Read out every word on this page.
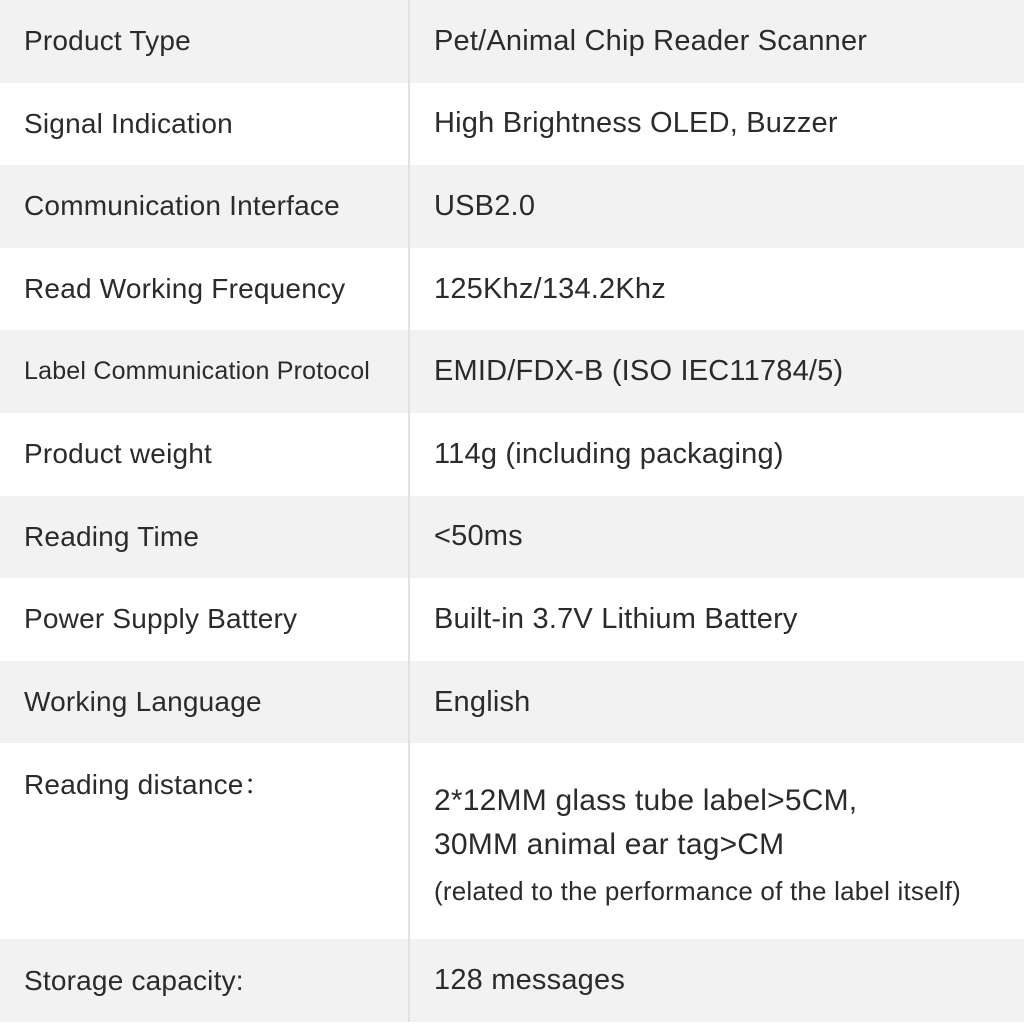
Product Type	Pet/Animal Chip Reader Scanner
Signal Indication	High Brightness OLED, Buzzer
Communication Interface	USB2.0
Read Working Frequency	125Khz/134.2Khz
Label Communication Protocol	EMID/FDX-B (ISO IEC11784/5)
Product weight	114g (including packaging)
Reading Time	<50ms
Power Supply Battery	Built-in 3.7V Lithium Battery
Working Language	English
Reading distance：	2*12MM glass tube label>5CM,
30MM animal ear tag>CM
(related to the performance of the label itself)
Storage capacity:	128 messages
